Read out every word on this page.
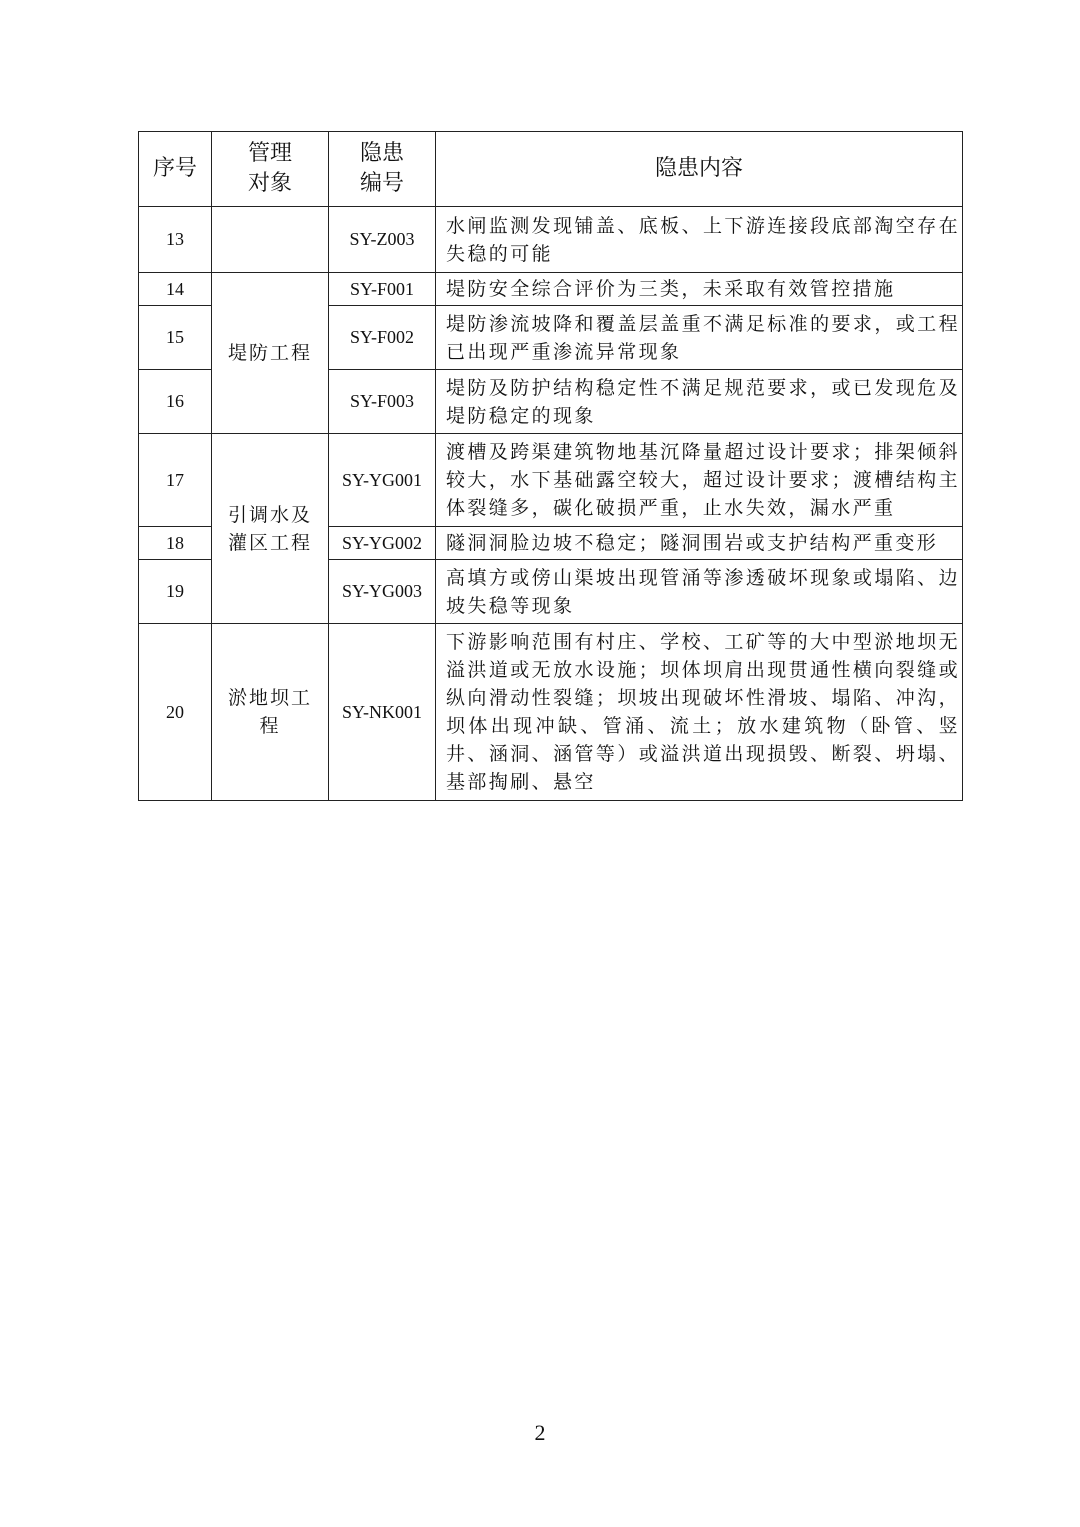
序号	管理对象	隐患编号	隐患内容
13		SY-Z003	水闸监测发现铺盖、底板、上下游连接段底部淘空存在失稳的可能
14	堤防工程	SY-F001	堤防安全综合评价为三类，未采取有效管控措施
15		SY-F002	堤防渗流坡降和覆盖层盖重不满足标准的要求，或工程已出现严重渗流异常现象
16		SY-F003	堤防及防护结构稳定性不满足规范要求，或已发现危及堤防稳定的现象
17	引调水及灌区工程	SY-YG001	渡槽及跨渠建筑物地基沉降量超过设计要求；排架倾斜较大，水下基础露空较大，超过设计要求；渡槽结构主体裂缝多，碳化破损严重，止水失效，漏水严重
18		SY-YG002	隧洞洞脸边坡不稳定；隧洞围岩或支护结构严重变形
19		SY-YG003	高填方或傍山渠坡出现管涌等渗透破坏现象或塌陷、边坡失稳等现象
20	淤地坝工程	SY-NK001	下游影响范围有村庄、学校、工矿等的大中型淤地坝无溢洪道或无放水设施；坝体坝肩出现贯通性横向裂缝或纵向滑动性裂缝；坝坡出现破坏性滑坡、塌陷、冲沟，坝体出现冲缺、管涌、流土；放水建筑物（卧管、竖井、涵洞、涵管等）或溢洪道出现损毁、断裂、坍塌、基部掏刷、悬空
2
